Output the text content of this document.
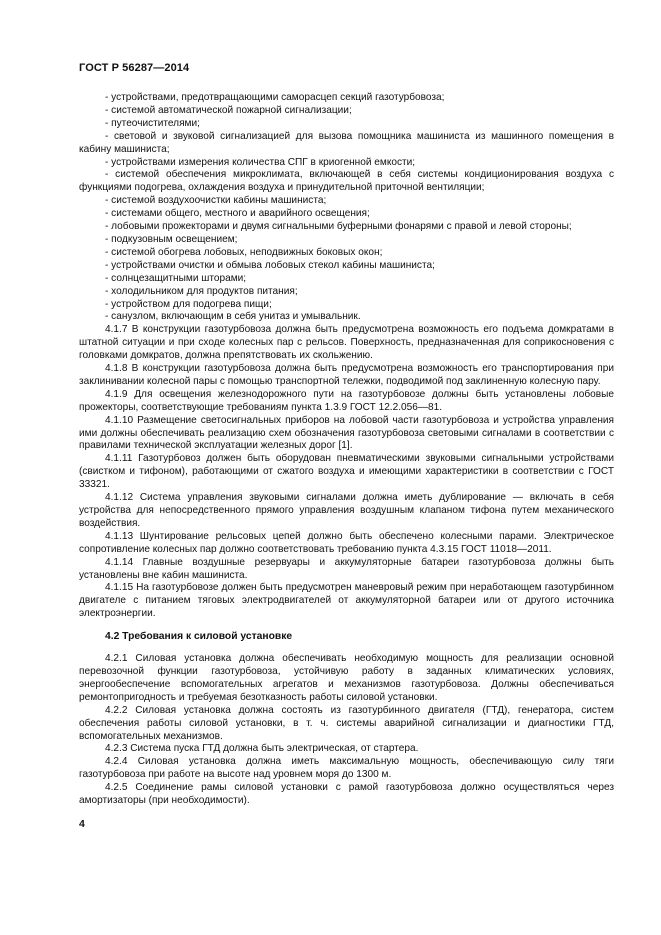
ГОСТ Р 56287—2014

- устройствами, предотвращающими саморасцеп секций газотурбовоза;

- системой автоматической пожарной сигнализации;

- путеочистителями;

- световой и звуковой сигнализацией для вызова помощника машиниста из машинного помещения в кабину машиниста;

- устройствами измерения количества СПГ в криогенной емкости;

- системой обеспечения микроклимата, включающей в себя системы кондиционирования воздуха с функциями подогрева, охлаждения воздуха и принудительной приточной вентиляции;

- системой воздухоочистки кабины машиниста;

- системами общего, местного и аварийного освещения;

- лобовыми прожекторами и двумя сигнальными буферными фонарями с правой и левой стороны;

- подкузовным освещением;

- системой обогрева лобовых, неподвижных боковых окон;

- устройствами очистки и обмыва лобовых стекол кабины машиниста;

- солнцезащитными шторами;

- холодильником для продуктов питания;

- устройством для подогрева пищи;

- санузлом, включающим в себя унитаз и умывальник.

4.1.7 В конструкции газотурбовоза должна быть предусмотрена возможность его подъема домкратами в штатной ситуации и при сходе колесных пар с рельсов. Поверхность, предназначенная для соприкосновения с головками домкратов, должна препятствовать их скольжению.

4.1.8 В конструкции газотурбовоза должна быть предусмотрена возможность его транспортирования при заклинивании колесной пары с помощью транспортной тележки, подводимой под заклиненную колесную пару.

4.1.9 Для освещения железнодорожного пути на газотурбовозе должны быть установлены лобовые прожекторы, соответствующие требованиям пункта 1.3.9 ГОСТ 12.2.056—81.

4.1.10 Размещение светосигнальных приборов на лобовой части газотурбовоза и устройства управления ими должны обеспечивать реализацию схем обозначения газотурбовоза световыми сигналами в соответствии с правилами технической эксплуатации железных дорог [1].

4.1.11 Газотурбовоз должен быть оборудован пневматическими звуковыми сигнальными устройствами (свистком и тифоном), работающими от сжатого воздуха и имеющими характеристики в соответствии с ГОСТ 33321.

4.1.12 Система управления звуковыми сигналами должна иметь дублирование — включать в себя устройства для непосредственного прямого управления воздушным клапаном тифона путем механического воздействия.

4.1.13 Шунтирование рельсовых цепей должно быть обеспечено колесными парами. Электрическое сопротивление колесных пар должно соответствовать требованию пункта 4.3.15 ГОСТ 11018—2011.

4.1.14 Главные воздушные резервуары и аккумуляторные батареи газотурбовоза должны быть установлены вне кабин машиниста.

4.1.15 На газотурбовозе должен быть предусмотрен маневровый режим при неработающем газотурбинном двигателе с питанием тяговых электродвигателей от аккумуляторной батареи или от другого источника электроэнергии.

4.2 Требования к силовой установке

4.2.1 Силовая установка должна обеспечивать необходимую мощность для реализации основной перевозочной функции газотурбовоза, устойчивую работу в заданных климатических условиях, энергообеспечение вспомогательных агрегатов и механизмов газотурбовоза. Должны обеспечиваться ремонтопригодность и требуемая безотказность работы силовой установки.

4.2.2 Силовая установка должна состоять из газотурбинного двигателя (ГТД), генератора, систем обеспечения работы силовой установки, в т. ч. системы аварийной сигнализации и диагностики ГТД, вспомогательных механизмов.

4.2.3 Система пуска ГТД должна быть электрическая, от стартера.

4.2.4 Силовая установка должна иметь максимальную мощность, обеспечивающую силу тяги газотурбовоза при работе на высоте над уровнем моря до 1300 м.

4.2.5 Соединение рамы силовой установки с рамой газотурбовоза должно осуществляться через амортизаторы (при необходимости).

4
